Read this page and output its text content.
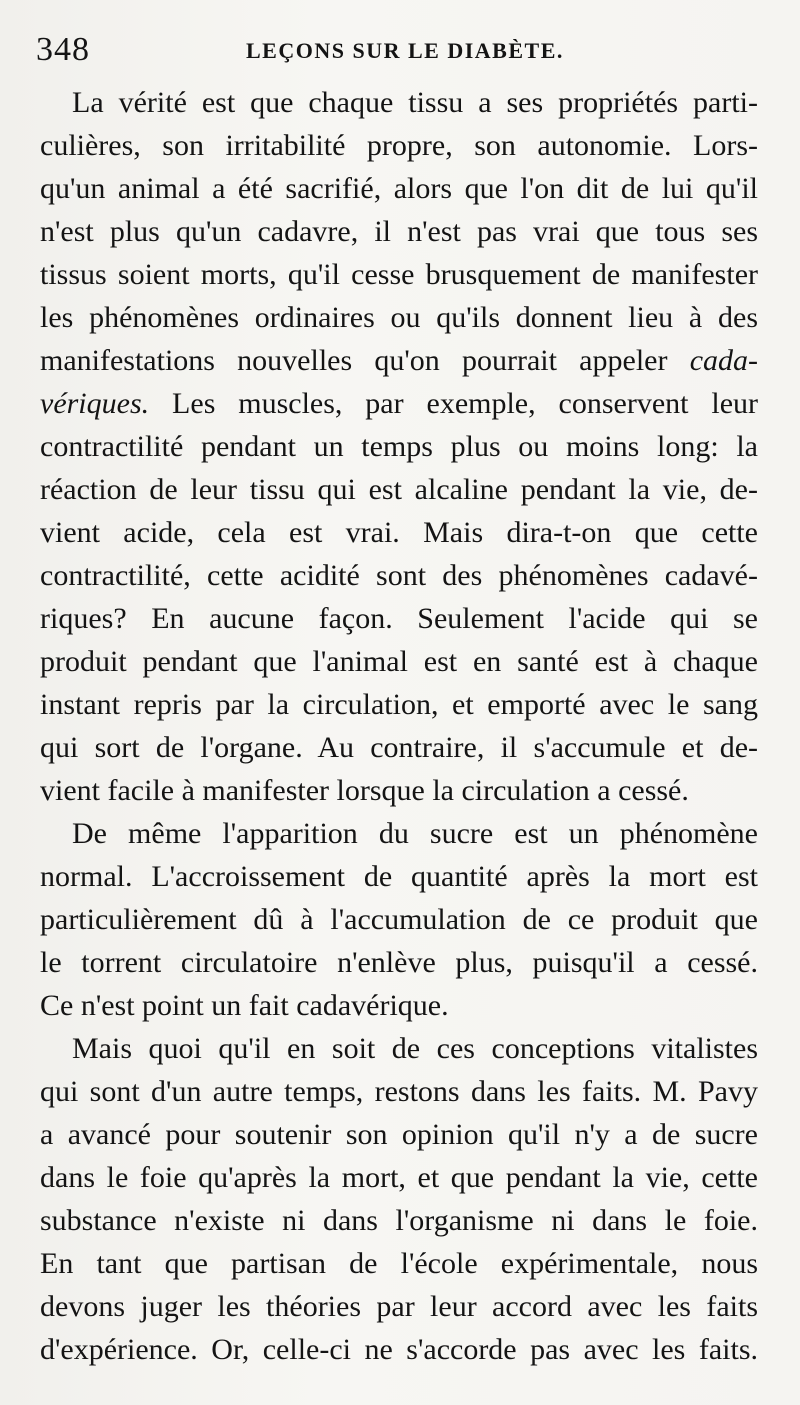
348	LEÇONS SUR LE DIABÈTE.
La vérité est que chaque tissu a ses propriétés parti-
culières, son irritabilité propre, son autonomie. Lors-
qu'un animal a été sacrifié, alors que l'on dit de lui qu'il
n'est plus qu'un cadavre, il n'est pas vrai que tous ses
tissus soient morts, qu'il cesse brusquement de manifester
les phénomènes ordinaires ou qu'ils donnent lieu à des
manifestations nouvelles qu'on pourrait appeler cada-
vériques. Les muscles, par exemple, conservent leur
contractilité pendant un temps plus ou moins long: la
réaction de leur tissu qui est alcaline pendant la vie, de-
vient acide, cela est vrai. Mais dira-t-on que cette
contractilité, cette acidité sont des phénomènes cadavé-
riques? En aucune façon. Seulement l'acide qui se
produit pendant que l'animal est en santé est à chaque
instant repris par la circulation, et emporté avec le sang
qui sort de l'organe. Au contraire, il s'accumule et de-
vient facile à manifester lorsque la circulation a cessé.
De même l'apparition du sucre est un phénomène
normal. L'accroissement de quantité après la mort est
particulièrement dû à l'accumulation de ce produit que
le torrent circulatoire n'enlève plus, puisqu'il a cessé.
Ce n'est point un fait cadavérique.
Mais quoi qu'il en soit de ces conceptions vitalistes
qui sont d'un autre temps, restons dans les faits. M. Pavy
a avancé pour soutenir son opinion qu'il n'y a de sucre
dans le foie qu'après la mort, et que pendant la vie, cette
substance n'existe ni dans l'organisme ni dans le foie.
En tant que partisan de l'école expérimentale, nous
devons juger les théories par leur accord avec les faits
d'expérience. Or, celle-ci ne s'accorde pas avec les faits.
